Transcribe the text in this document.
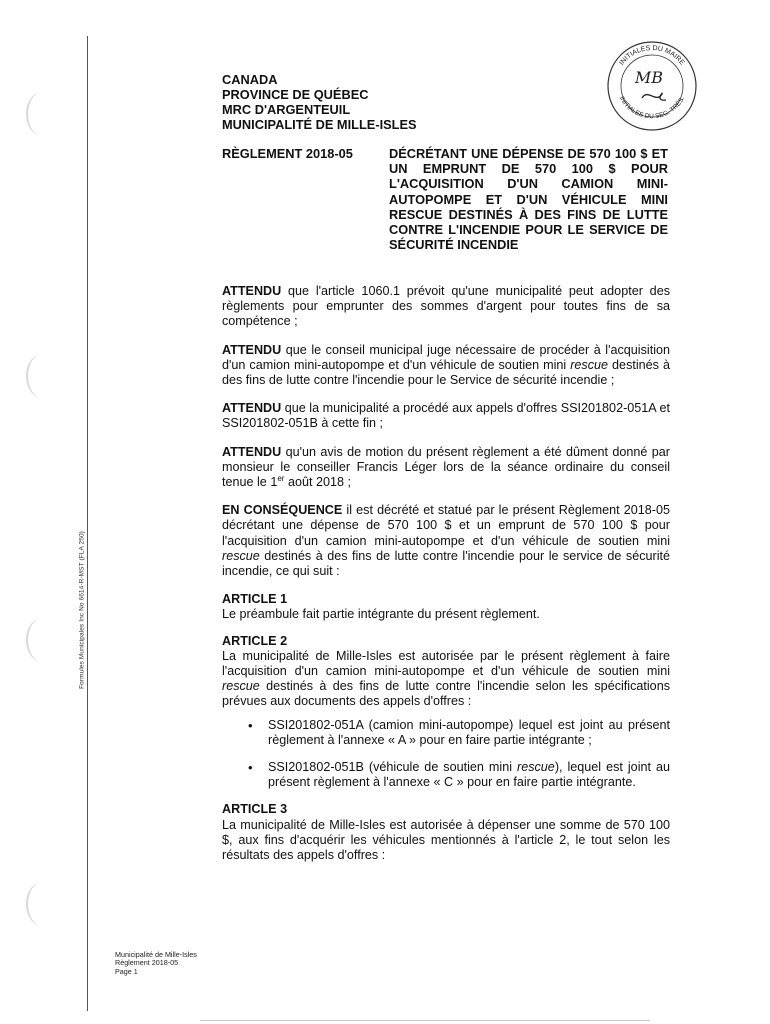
Formules Municipales Inc No 6614-R-MST (FLA 250)
INITIALES DU MAIRE
INITIALES DU SEC.-TRÉS.
MB
CANADA
PROVINCE DE QUÉBEC
MRC D'ARGENTEUIL
MUNICIPALITÉ DE MILLE-ISLES
RÈGLEMENT 2018-05	DÉCRÉTANT UNE DÉPENSE DE 570 100 $ ET UN EMPRUNT DE 570 100 $ POUR L'ACQUISITION D'UN CAMION MINI-AUTOPOMPE ET D'UN VÉHICULE MINI RESCUE DESTINÉS À DES FINS DE LUTTE CONTRE L'INCENDIE POUR LE SERVICE DE SÉCURITÉ INCENDIE

ATTENDU que l'article 1060.1 prévoit qu'une municipalité peut adopter des règlements pour emprunter des sommes d'argent pour toutes fins de sa compétence ;

ATTENDU que le conseil municipal juge nécessaire de procéder à l'acquisition d'un camion mini-autopompe et d'un véhicule de soutien mini rescue destinés à des fins de lutte contre l'incendie pour le Service de sécurité incendie ;

ATTENDU que la municipalité a procédé aux appels d'offres SSI201802-051A et SSI201802-051B à cette fin ;

ATTENDU qu'un avis de motion du présent règlement a été dûment donné par monsieur le conseiller Francis Léger lors de la séance ordinaire du conseil tenue le 1er août 2018 ;

EN CONSÉQUENCE il est décrété et statué par le présent Règlement 2018-05 décrétant une dépense de 570 100 $ et un emprunt de 570 100 $ pour l'acquisition d'un camion mini-autopompe et d'un véhicule de soutien mini rescue destinés à des fins de lutte contre l'incendie pour le service de sécurité incendie, ce qui suit :

ARTICLE 1

Le préambule fait partie intégrante du présent règlement.

ARTICLE 2

La municipalité de Mille-Isles est autorisée par le présent règlement à faire l'acquisition d'un camion mini-autopompe et d'un véhicule de soutien mini rescue destinés à des fins de lutte contre l'incendie selon les spécifications prévues aux documents des appels d'offres :

• SSI201802-051A (camion mini-autopompe) lequel est joint au présent règlement à l'annexe « A » pour en faire partie intégrante ;
• SSI201802-051B (véhicule de soutien mini rescue), lequel est joint au présent règlement à l'annexe « C » pour en faire partie intégrante.
ARTICLE 3

La municipalité de Mille-Isles est autorisée à dépenser une somme de 570 100 $, aux fins d'acquérir les véhicules mentionnés à l'article 2, le tout selon les résultats des appels d'offres :

Municipalité de Mille-Isles
Règlement 2018-05
Page 1
